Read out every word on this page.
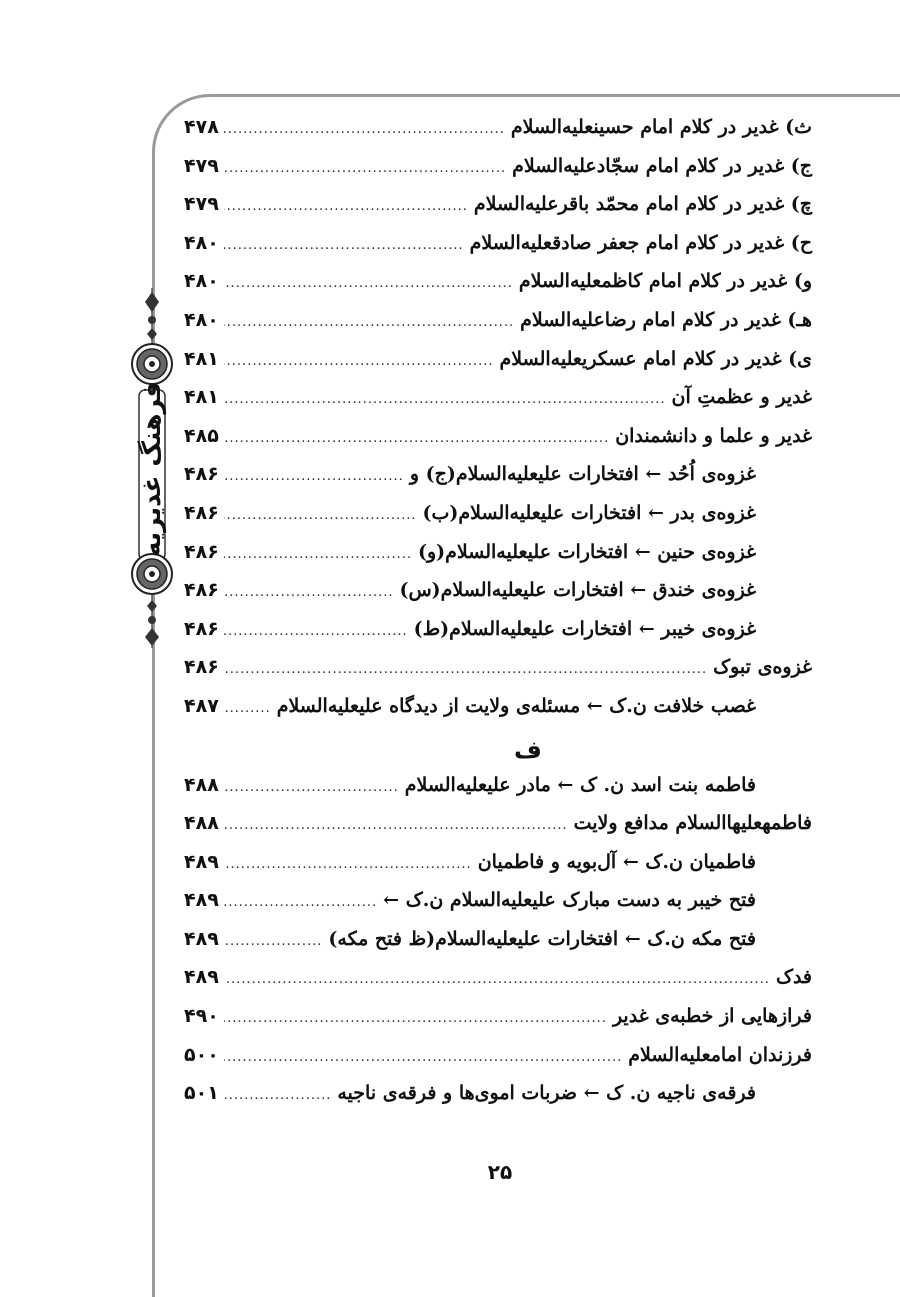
فرهنگ غدیریه
ث) غدیر در کلام امام حسینعلیه‌السلام
.....
۴۷۸
ج) غدیر در کلام امام سجّادعلیه‌السلام
.....
۴۷۹
چ) غدیر در کلام امام محمّد باقرعلیه‌السلام
.....
۴۷۹
ح) غدیر در کلام امام جعفر صادقعلیه‌السلام
.....
۴۸۰
و) غدیر در کلام امام کاظمعلیه‌السلام
.....
۴۸۰
هـ) غدیر در کلام امام رضاعلیه‌السلام
.....
۴۸۰
ی) غدیر در کلام امام عسکریعلیه‌السلام
.....
۴۸۱
غدیر و عظمتِ آن
.....
۴۸۱
غدیر و علما و دانشمندان
.....
۴۸۵
غزوه‌ی اُحُد ← افتخارات علیعلیه‌السلام(ج) و
.....
۴۸۶
غزوه‌ی بدر ← افتخارات علیعلیه‌السلام(ب)
.....
۴۸۶
غزوه‌ی حنین ← افتخارات علیعلیه‌السلام(و)
.....
۴۸۶
غزوه‌ی خندق ← افتخارات علیعلیه‌السلام(س)
.....
۴۸۶
غزوه‌ی خیبر ← افتخارات علیعلیه‌السلام(ط)
.....
۴۸۶
غزوه‌ی تبوک
.....
۴۸۶
غصب خلافت ن.ک ← مسئله‌ی ولایت از دیدگاه علیعلیه‌السلام
.....
۴۸۷
ف
فاطمه بنت اسد ن. ک ← مادر علیعلیه‌السلام
.....
۴۸۸
فاطمهعلیهاالسلام مدافع ولایت
.....
۴۸۸
فاطمیان ن.ک ← آل‌بویه و فاطمیان
.....
۴۸۹
فتح خیبر به دست مبارک علیعلیه‌السلام ن.ک ←
.....
۴۸۹
فتح مکه ن.ک ← افتخارات علیعلیه‌السلام(ظ فتح مکه)
.....
۴۸۹
فدک
.....
۴۸۹
فرازهایی از خطبه‌ی غدیر
.....
۴۹۰
فرزندان امامعلیه‌السلام
.....
۵۰۰
فرقه‌ی ناجیه ن. ک ← ضربات اموی‌ها و فرقه‌ی ناجیه
.....
۵۰۱
۲۵
